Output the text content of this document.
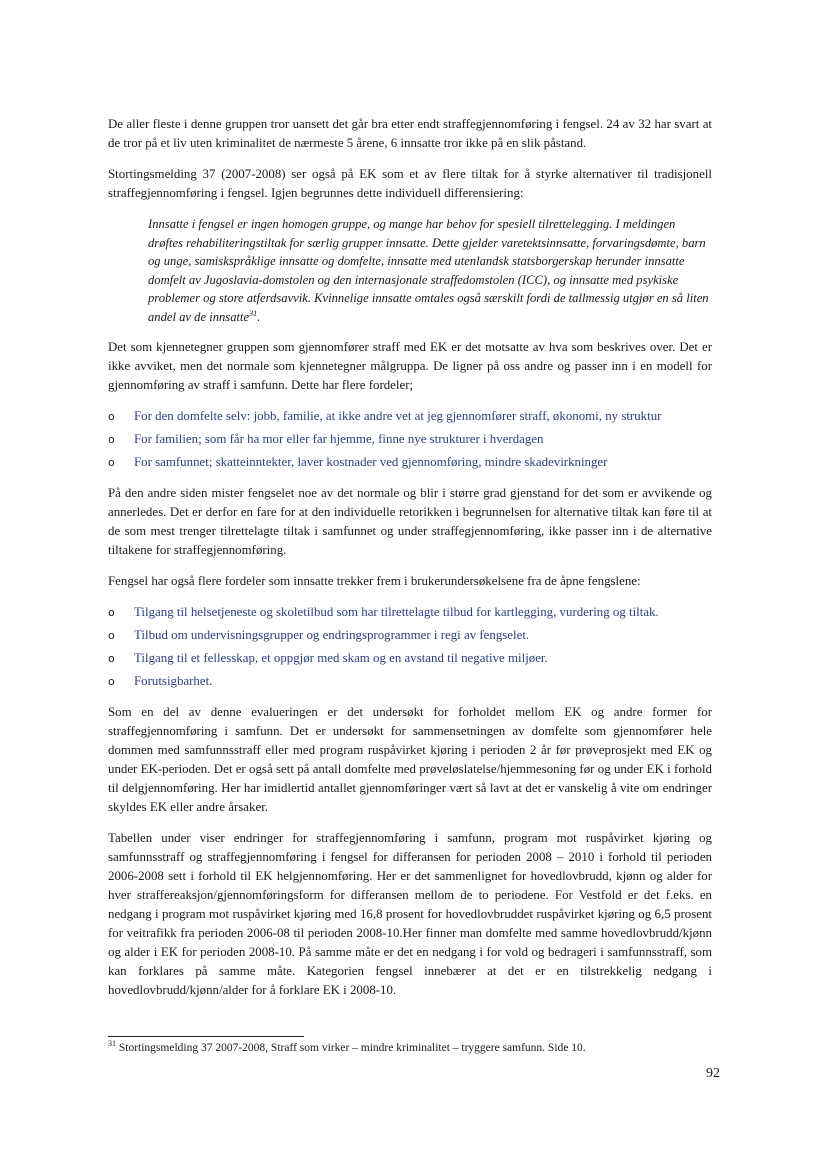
De aller fleste i denne gruppen tror uansett det går bra etter endt straffegjennomføring i fengsel. 24 av 32 har svart at de tror på et liv uten kriminalitet de nærmeste 5 årene, 6 innsatte tror ikke på en slik påstand.

Stortingsmelding 37 (2007-2008) ser også på EK som et av flere tiltak for å styrke alternativer til tradisjonell straffegjennomføring i fengsel. Igjen begrunnes dette individuell differensiering:

Innsatte i fengsel er ingen homogen gruppe, og mange har behov for spesiell tilrettelegging. I meldingen drøftes rehabiliteringstiltak for særlig grupper innsatte. Dette gjelder varetektsinnsatte, forvaringsdømte, barn og unge, samiskspråklige innsatte og domfelte, innsatte med utenlandsk statsborgerskap herunder innsatte domfelt av Jugoslavia-domstolen og den internasjonale straffedomstolen (ICC), og innsatte med psykiske problemer og store atferdsavvik. Kvinnelige innsatte omtales også særskilt fordi de tallmessig utgjør en så liten andel av de innsatte$^{31}$.

Det som kjennetegner gruppen som gjennomfører straff med EK er det motsatte av hva som beskrives over. Det er ikke avviket, men det normale som kjennetegner målgruppa. De ligner på oss andre og passer inn i en modell for gjennomføring av straff i samfunn. Dette har flere fordeler;

o For den domfelte selv: jobb, familie, at ikke andre vet at jeg gjennomfører straff, økonomi, ny struktur
o For familien; som får ha mor eller far hjemme, finne nye strukturer i hverdagen
o For samfunnet; skatteinntekter, laver kostnader ved gjennomføring, mindre skadevirkninger

På den andre siden mister fengselet noe av det normale og blir i større grad gjenstand for det som er avvikende og annerledes. Det er derfor en fare for at den individuelle retorikken i begrunnelsen for alternative tiltak kan føre til at de som mest trenger tilrettelagte tiltak i samfunnet og under straffegjennomføring, ikke passer inn i de alternative tiltakene for straffegjennomføring.

Fengsel har også flere fordeler som innsatte trekker frem i brukerundersøkelsene fra de åpne fengslene:

o Tilgang til helsetjeneste og skoletilbud som har tilrettelagte tilbud for kartlegging, vurdering og tiltak.
o Tilbud om undervisningsgrupper og endringsprogrammer i regi av fengselet.
o Tilgang til et fellesskap, et oppgjør med skam og en avstand til negative miljøer.
o Forutsigbarhet.

Som en del av denne evalueringen er det undersøkt for forholdet mellom EK og andre former for straffegjennomføring i samfunn. Det er undersøkt for sammensetningen av domfelte som gjennomfører hele dommen med samfunnsstraff eller med program ruspåvirket kjøring i perioden 2 år før prøveprosjekt med EK og under EK-perioden. Det er også sett på antall domfelte med prøveløslatelse/hjemmesoning før og under EK i forhold til delgjennomføring. Her har imidlertid antallet gjennomføringer vært så lavt at det er vanskelig å vite om endringer skyldes EK eller andre årsaker.

Tabellen under viser endringer for straffegjennomføring i samfunn, program mot ruspåvirket kjøring og samfunnsstraff og straffegjennomføring i fengsel for differansen for perioden 2008 – 2010 i forhold til perioden 2006-2008 sett i forhold til EK helgjennomføring. Her er det sammenlignet for hovedlovbrudd, kjønn og alder for hver straffereaksjon/gjennomføringsform for differansen mellom de to periodene. For Vestfold er det f.eks. en nedgang i program mot ruspåvirket kjøring med 16,8 prosent for hovedlovbruddet ruspåvirket kjøring og 6,5 prosent for veitrafikk fra perioden 2006-08 til perioden 2008-10.Her finner man domfelte med samme hovedlovbrudd/kjønn og alder i EK for perioden 2008-10. På samme måte er det en nedgang i for vold og bedrageri i samfunnsstraff, som kan forklares på samme måte. Kategorien fengsel innebærer at det er en tilstrekkelig nedgang i hovedlovbrudd/kjønn/alder for å forklare EK i 2008-10.

$^{31}$ Stortingsmelding 37 2007-2008, Straff som virker – mindre kriminalitet – tryggere samfunn. Side 10.
92
